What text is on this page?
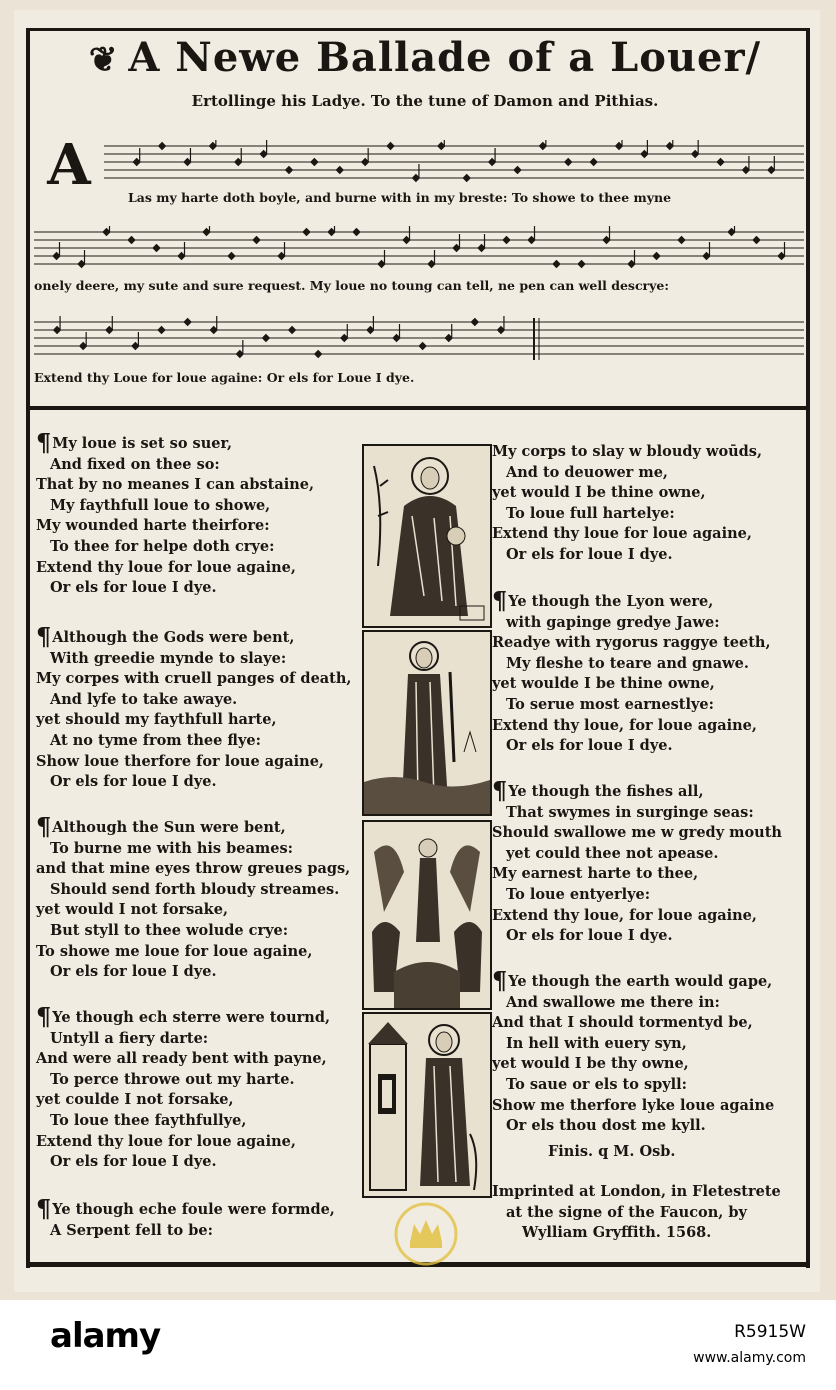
❦ A Newe Ballade of a Louer/
Ertollinge his Ladye. To the tune of Damon and Pithias.
A	Las my harte doth boyle, and burne with in my breste: To showe to thee myne
onely deere, my sute and sure request. My loue no toung can tell, ne pen can well descrye:
Extend thy Loue for loue againe: Or els for Loue I dye.
¶My loue is set so suer,
And fixed on thee so:
That by no meanes I can abstaine,
My faythfull loue to showe,
My wounded harte theirfore:
To thee for helpe doth crye:
Extend thy loue for loue againe,
Or els for loue I dye.
¶Although the Gods were bent,
With greedie mynde to slaye:
My corpes with cruell panges of death,
And lyfe to take awaye.
yet should my faythfull harte,
At no tyme from thee flye:
Show loue therfore for loue againe,
Or els for loue I dye.
¶Although the Sun were bent,
To burne me with his beames:
and that mine eyes throw greues pags,
Should send forth bloudy streames.
yet would I not forsake,
But styll to thee wolude crye:
To showe me loue for loue againe,
Or els for loue I dye.
¶Ye though ech sterre were tournd,
Untyll a fiery darte:
And were all ready bent with payne,
To perce throwe out my harte.
yet coulde I not forsake,
To loue thee faythfullye,
Extend thy loue for loue againe,
Or els for loue I dye.
¶Ye though eche foule were formde,
A Serpent fell to be:
My corps to slay w bloudy woūds,
And to deuower me,
yet would I be thine owne,
To loue full hartelye:
Extend thy loue for loue againe,
Or els for loue I dye.
¶Ye though the Lyon were,
with gapinge gredye Jawe:
Readye with rygorus raggye teeth,
My fleshe to teare and gnawe.
yet woulde I be thine owne,
To serue most earnestlye:
Extend thy loue, for loue againe,
Or els for loue I dye.
¶Ye though the fishes all,
That swymes in surginge seas:
Should swallowe me w gredy mouth
yet could thee not apease.
My earnest harte to thee,
To loue entyerlye:
Extend thy loue, for loue againe,
Or els for loue I dye.
¶Ye though the earth would gape,
And swallowe me there in:
And that I should tormentyd be,
In hell with euery syn,
yet would I be thy owne,
To saue or els to spyll:
Show me therfore lyke loue againe
Or els thou dost me kyll.
Finis. q M. Osb.
Imprinted at London, in Fletestrete
at the signe of the Faucon, by
Wylliam Gryffith. 1568.
alamy	R5915W
www.alamy.com
